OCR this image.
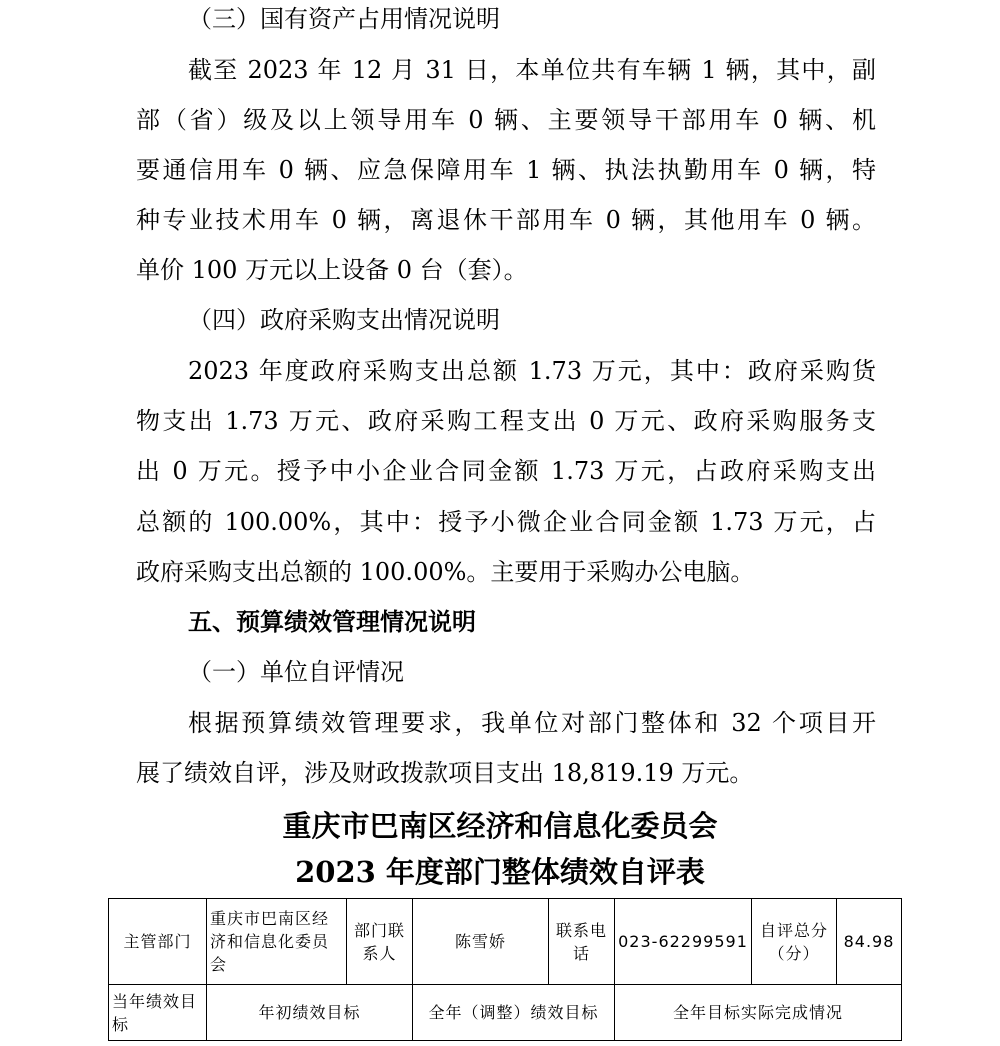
（三）国有资产占用情况说明
截至 2023 年 12 月 31 日，本单位共有车辆 1 辆，其中，副
部（省）级及以上领导用车 0 辆、主要领导干部用车 0 辆、机
要通信用车 0 辆、应急保障用车 1 辆、执法执勤用车 0 辆，特
种专业技术用车 0 辆，离退休干部用车 0 辆，其他用车 0 辆。
单价 100 万元以上设备 0 台（套）。
（四）政府采购支出情况说明
2023 年度政府采购支出总额 1.73 万元，其中：政府采购货
物支出 1.73 万元、政府采购工程支出 0 万元、政府采购服务支
出 0 万元。授予中小企业合同金额 1.73 万元，占政府采购支出
总额的 100.00%，其中：授予小微企业合同金额 1.73 万元，占
政府采购支出总额的 100.00%。主要用于采购办公电脑。
五、预算绩效管理情况说明
（一）单位自评情况
根据预算绩效管理要求，我单位对部门整体和 32 个项目开
展了绩效自评，涉及财政拨款项目支出 18,819.19 万元。
重庆市巴南区经济和信息化委员会
2023 年度部门整体绩效自评表
主管部门	重庆市巴南区经济和信息化委员会	部门联系人	陈雪娇	联系电话	023-62299591	自评总分（分）	84.98
当年绩效目标	年初绩效目标		全年（调整）绩效目标		全年目标实际完成情况		
